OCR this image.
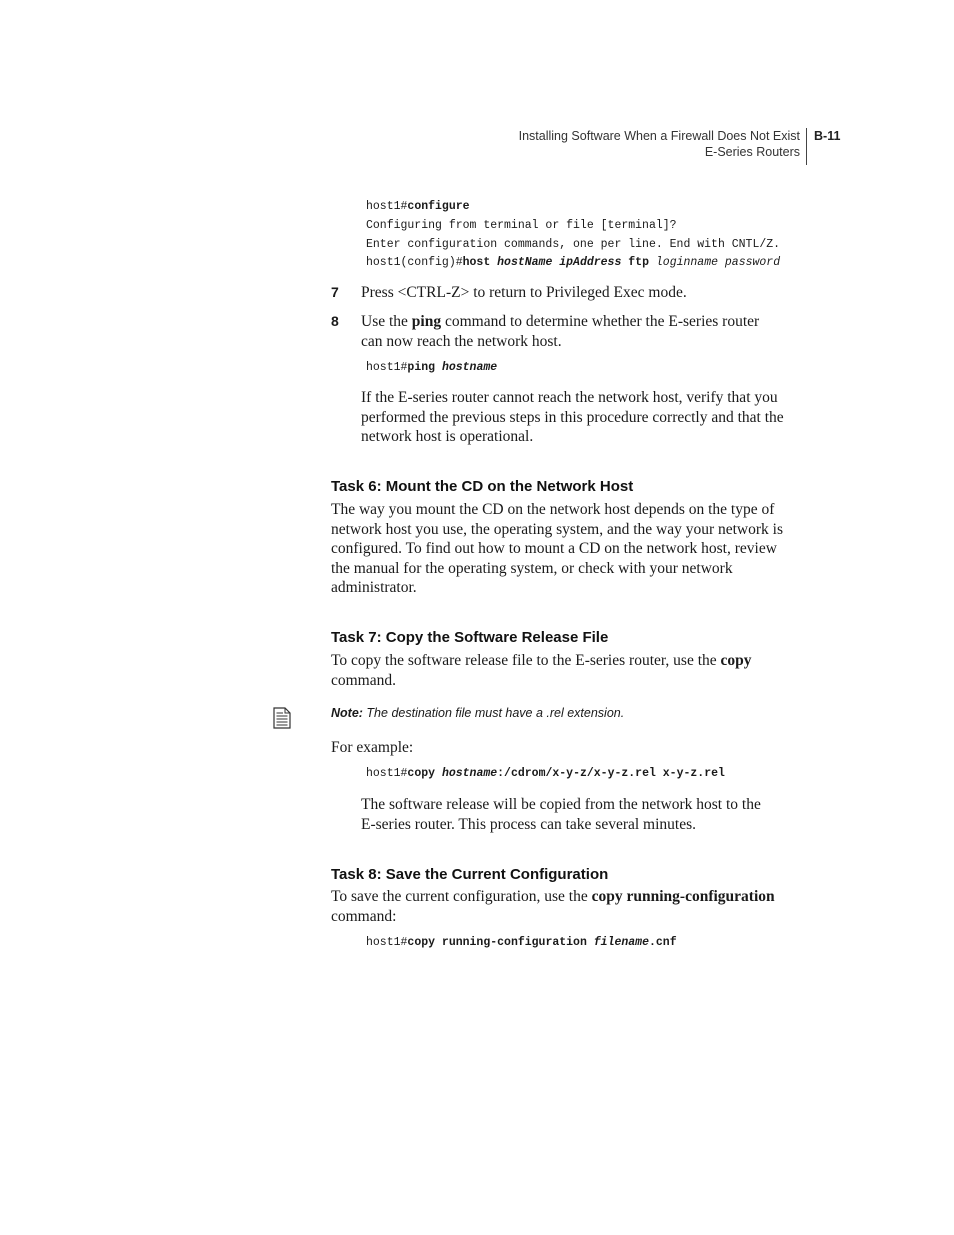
Installing Software When a Firewall Does Not Exist
E-Series Routers
B-11
host1#configure
Configuring from terminal or file [terminal]?
Enter configuration commands, one per line. End with CNTL/Z.
host1(config)#host hostName ipAddress ftp loginname password
7 Press <CTRL-Z> to return to Privileged Exec mode.
8 Use the ping command to determine whether the E-series router
can now reach the network host.
host1#ping hostname
If the E-series router cannot reach the network host, verify that you
performed the previous steps in this procedure correctly and that the
network host is operational.
Task 6: Mount the CD on the Network Host
The way you mount the CD on the network host depends on the type of
network host you use, the operating system, and the way your network is
configured. To find out how to mount a CD on the network host, review
the manual for the operating system, or check with your network
administrator.
Task 7: Copy the Software Release File
To copy the software release file to the E-series router, use the copy
command.
Note: The destination file must have a .rel extension.
For example:
host1#copy hostname:/cdrom/x-y-z/x-y-z.rel x-y-z.rel
The software release will be copied from the network host to the
E-series router. This process can take several minutes.
Task 8: Save the Current Configuration
To save the current configuration, use the copy running-configuration
command:
host1#copy running-configuration filename.cnf
